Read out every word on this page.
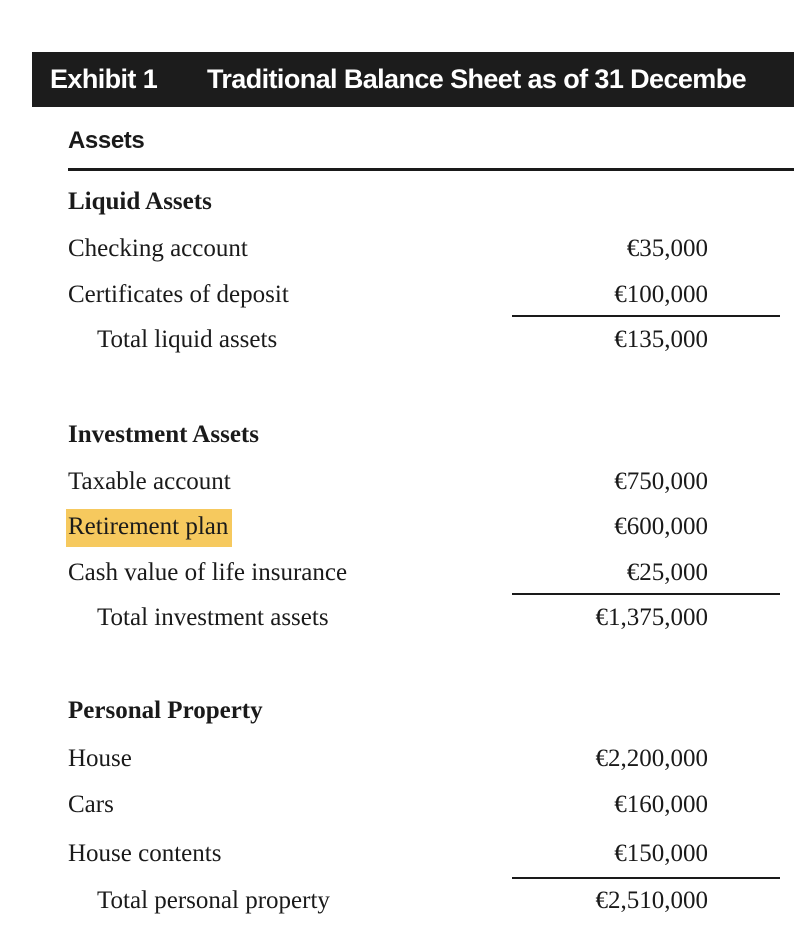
Exhibit 1 Traditional Balance Sheet as of 31 Decembe
Assets
Liquid Assets
Checking account	€35,000
Certificates of deposit	€100,000
Total liquid assets	€135,000
Investment Assets
Taxable account	€750,000
Retirement plan	€600,000
Cash value of life insurance	€25,000
Total investment assets	€1,375,000
Personal Property
House	€2,200,000
Cars	€160,000
House contents	€150,000
Total personal property	€2,510,000
